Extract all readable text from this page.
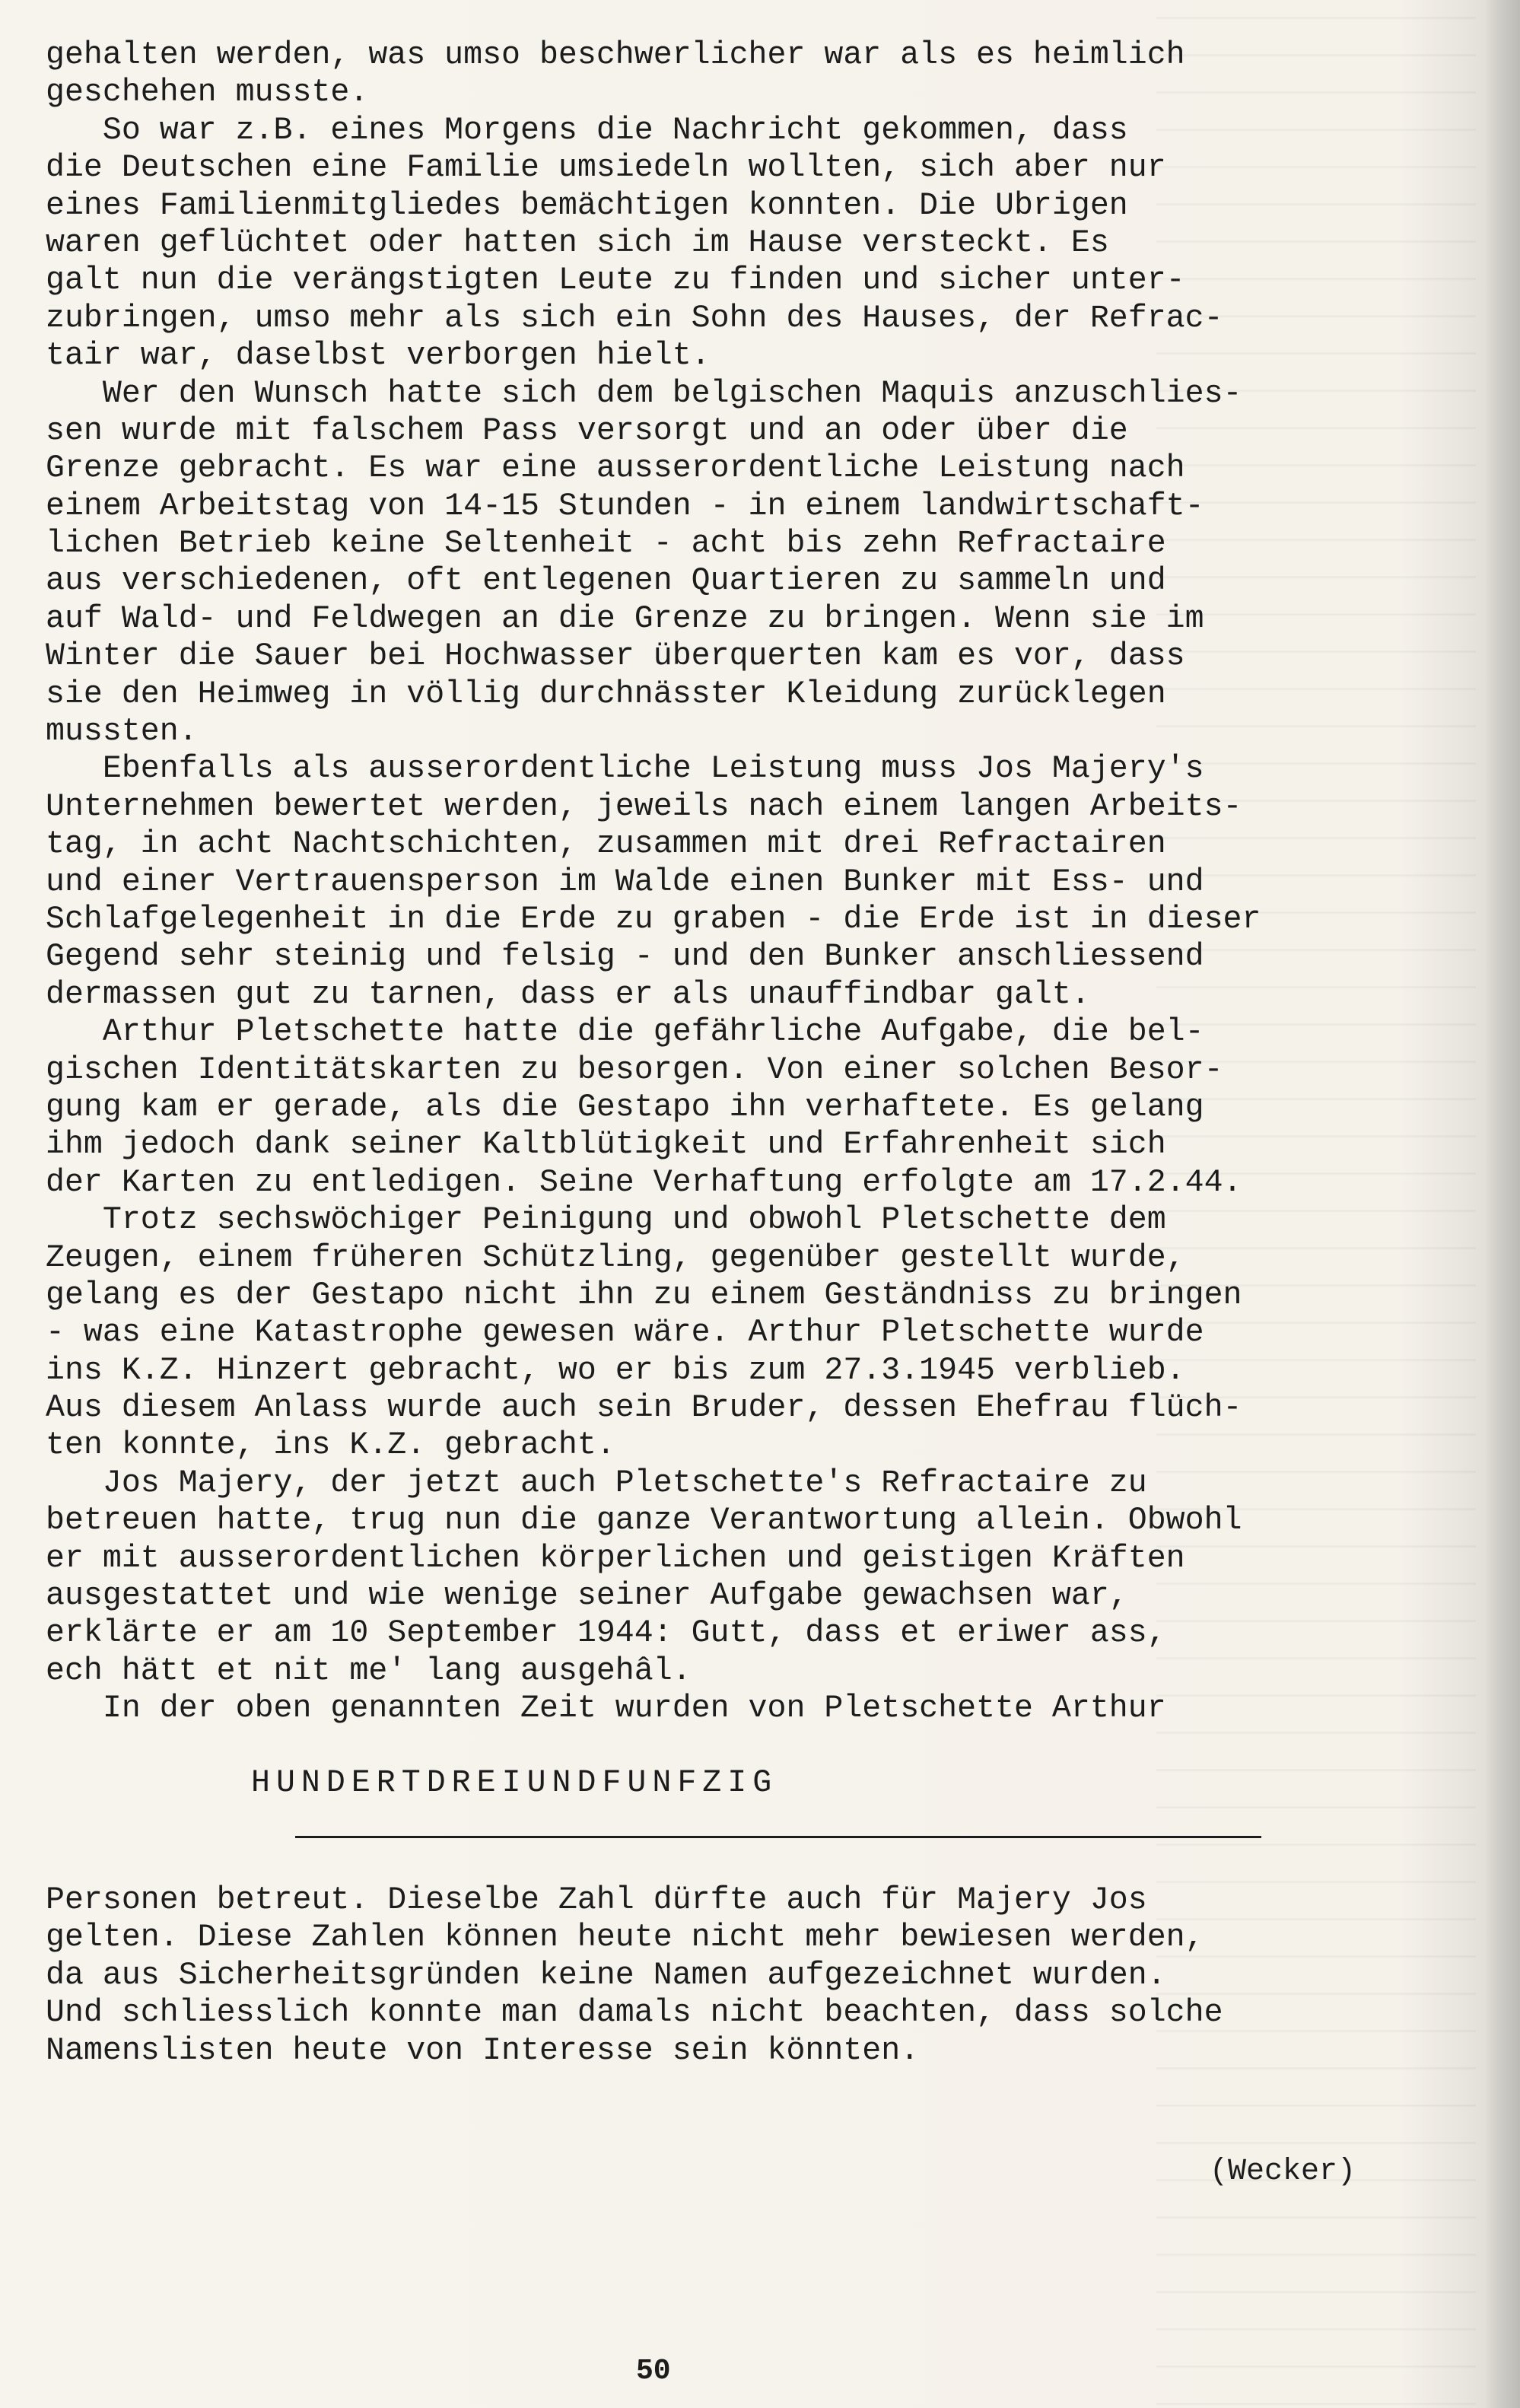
gehalten werden, was umso beschwerlicher war als es heimlich
geschehen musste.
So war z.B. eines Morgens die Nachricht gekommen, dass
die Deutschen eine Familie umsiedeln wollten, sich aber nur
eines Familienmitgliedes bemächtigen konnten. Die Ubrigen
waren geflüchtet oder hatten sich im Hause versteckt. Es
galt nun die verängstigten Leute zu finden und sicher unter-
zubringen, umso mehr als sich ein Sohn des Hauses, der Refrac-
tair war, daselbst verborgen hielt.
Wer den Wunsch hatte sich dem belgischen Maquis anzuschlies-
sen wurde mit falschem Pass versorgt und an oder über die
Grenze gebracht. Es war eine ausserordentliche Leistung nach
einem Arbeitstag von 14-15 Stunden - in einem landwirtschaft-
lichen Betrieb keine Seltenheit - acht bis zehn Refractaire
aus verschiedenen, oft entlegenen Quartieren zu sammeln und
auf Wald- und Feldwegen an die Grenze zu bringen. Wenn sie im
Winter die Sauer bei Hochwasser überquerten kam es vor, dass
sie den Heimweg in völlig durchnässter Kleidung zurücklegen
mussten.
Ebenfalls als ausserordentliche Leistung muss Jos Majery's
Unternehmen bewertet werden, jeweils nach einem langen Arbeits-
tag, in acht Nachtschichten, zusammen mit drei Refractairen
und einer Vertrauensperson im Walde einen Bunker mit Ess- und
Schlafgelegenheit in die Erde zu graben - die Erde ist in dieser
Gegend sehr steinig und felsig - und den Bunker anschliessend
dermassen gut zu tarnen, dass er als unauffindbar galt.
Arthur Pletschette hatte die gefährliche Aufgabe, die bel-
gischen Identitätskarten zu besorgen. Von einer solchen Besor-
gung kam er gerade, als die Gestapo ihn verhaftete. Es gelang
ihm jedoch dank seiner Kaltblütigkeit und Erfahrenheit sich
der Karten zu entledigen. Seine Verhaftung erfolgte am 17.2.44.
Trotz sechswöchiger Peinigung und obwohl Pletschette dem
Zeugen, einem früheren Schützling, gegenüber gestellt wurde,
gelang es der Gestapo nicht ihn zu einem Geständniss zu bringen
- was eine Katastrophe gewesen wäre. Arthur Pletschette wurde
ins K.Z. Hinzert gebracht, wo er bis zum 27.3.1945 verblieb.
Aus diesem Anlass wurde auch sein Bruder, dessen Ehefrau flüch-
ten konnte, ins K.Z. gebracht.
Jos Majery, der jetzt auch Pletschette's Refractaire zu
betreuen hatte, trug nun die ganze Verantwortung allein. Obwohl
er mit ausserordentlichen körperlichen und geistigen Kräften
ausgestattet und wie wenige seiner Aufgabe gewachsen war,
erklärte er am 10 September 1944: Gutt, dass et eriwer ass,
ech hätt et nit me' lang ausgehâl.
In der oben genannten Zeit wurden von Pletschette Arthur
HUNDERTDREIUNDFUNFZIG
Personen betreut. Dieselbe Zahl dürfte auch für Majery Jos
gelten. Diese Zahlen können heute nicht mehr bewiesen werden,
da aus Sicherheitsgründen keine Namen aufgezeichnet wurden.
Und schliesslich konnte man damals nicht beachten, dass solche
Namenslisten heute von Interesse sein könnten.
(Wecker)
50
